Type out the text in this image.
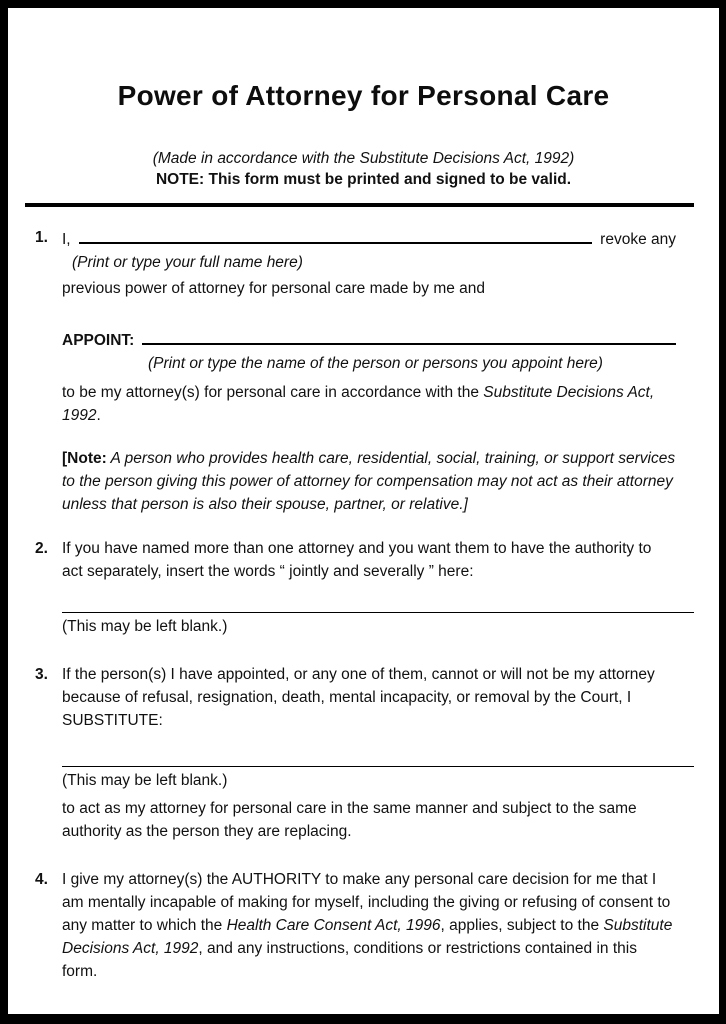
Power of Attorney for Personal Care
(Made in accordance with the Substitute Decisions Act, 1992)
NOTE: This form must be printed and signed to be valid.
1. I,	revoke any
(Print or type your full name here)

previous power of attorney for personal care made by me and

APPOINT:
(Print or type the name of the person or persons you appoint here)

to be my attorney(s) for personal care in accordance with the Substitute Decisions Act, 1992.

[Note: A person who provides health care, residential, social, training, or support services to the person giving this power of attorney for compensation may not act as their attorney unless that person is also their spouse, partner, or relative.]

2. If you have named more than one attorney and you want them to have the authority to act separately, insert the words “ jointly and severally ” here:

(This may be left blank.)
3. If the person(s) I have appointed, or any one of them, cannot or will not be my attorney because of refusal, resignation, death, mental incapacity, or removal by the Court, I SUBSTITUTE:

(This may be left blank.)

to act as my attorney for personal care in the same manner and subject to the same authority as the person they are replacing.

4. I give my attorney(s) the AUTHORITY to make any personal care decision for me that I am mentally incapable of making for myself, including the giving or refusing of consent to any matter to which the Health Care Consent Act, 1996, applies, subject to the Substitute Decisions Act, 1992, and any instructions, conditions or restrictions contained in this form.
